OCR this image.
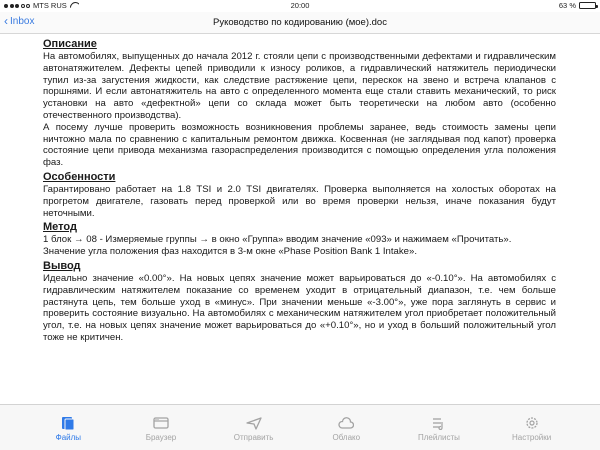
MTS RUS	20:00	63 %
‹ Inbox	Руководство по кодированию (мое).doc
Описание

На автомобилях, выпущенных до начала 2012 г. стояли цепи с производственными дефектами и гидравлическим автонатяжителем. Дефекты цепей приводили к износу роликов, а гидравлический натяжитель периодически тупил из-за загустения жидкости, как следствие растяжение цепи, перескок на звено и встреча клапанов с поршнями. И если автонатяжитель на авто с определенного момента еще стали ставить механический, то риск установки на авто «дефектной» цепи со склада может быть теоретически на любом авто (особенно отечественного производства).

А посему лучше проверить возможность возникновения проблемы заранее, ведь стоимость замены цепи ничтожно мала по сравнению с капитальным ремонтом движка. Косвенная (не заглядывая под капот) проверка состояние цепи привода механизма газораспределения производится с помощью определения угла положения фаз.

Особенности

Гарантировано работает на 1.8 TSI и 2.0 TSI двигателях. Проверка выполняется на холостых оборотах на прогретом двигателе, газовать перед проверкой или во время проверки нельзя, иначе показания будут неточными.

Метод

1 блок → 08 - Измеряемые группы → в окно «Группа» вводим значение «093» и нажимаем «Прочитать».

Значение угла положения фаз находится в 3-м окне «Phase Position Bank 1 Intake».

Вывод

Идеально значение «0.00°». На новых цепях значение может варьироваться до «-0.10°». На автомобилях с гидравлическим натяжителем показание со временем уходит в отрицательный диапазон, т.е. чем больше растянута цепь, тем больше уход в «минус». При значении меньше «-3.00°», уже пора заглянуть в сервис и проверить состояние визуально. На автомобилях с механическим натяжителем угол приобретает положительный угол, т.е. на новых цепях значение может варьироваться до «+0.10°», но и уход в больший положительный угол тоже не критичен.

Файлы	Браузер	Отправить	Облако	Плейлисты	Настройки
